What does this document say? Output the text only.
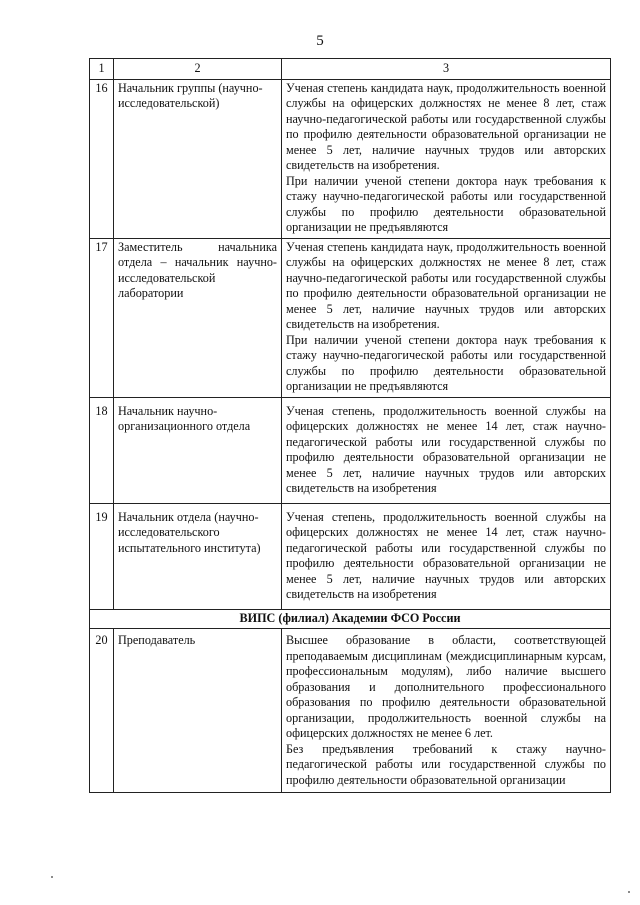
5
1	2	3
16	Начальник группы (научно-исследовательской)	Ученая степень кандидата наук, продолжительность военной службы на офицерских должностях не менее 8 лет, стаж научно-педагогической работы или государственной службы по профилю деятельности образовательной организации не менее 5 лет, наличие научных трудов или авторских свидетельств на изобретения.
При наличии ученой степени доктора наук требования к стажу научно-педагогической работы или государственной службы по профилю деятельности образовательной организации не предъявляются

17	Заместитель начальника отдела – начальник научно-исследовательской лаборатории	Ученая степень кандидата наук, продолжительность военной службы на офицерских должностях не менее 8 лет, стаж научно-педагогической работы или государственной службы по профилю деятельности образовательной организации не менее 5 лет, наличие научных трудов или авторских свидетельств на изобретения.
При наличии ученой степени доктора наук требования к стажу научно-педагогической работы или государственной службы по профилю деятельности образовательной организации не предъявляются

18	Начальник научно-организационного отдела	Ученая степень, продолжительность военной службы на офицерских должностях не менее 14 лет, стаж научно-педагогической работы или государственной службы по профилю деятельности образовательной организации не менее 5 лет, наличие научных трудов или авторских свидетельств на изобретения

19	Начальник отдела (научно-исследовательского испытательного института)	Ученая степень, продолжительность военной службы на офицерских должностях не менее 14 лет, стаж научно-педагогической работы или государственной службы по профилю деятельности образовательной организации не менее 5 лет, наличие научных трудов или авторских свидетельств на изобретения

ВИПС (филиал) Академии ФСО России		
20	Преподаватель	Высшее образование в области, соответствующей преподаваемым дисциплинам (междисциплинарным курсам, профессиональным модулям), либо наличие высшего образования и дополнительного профессионального образования по профилю деятельности образовательной организации, продолжительность военной службы на офицерских должностях не менее 6 лет.
Без предъявления требований к стажу научно-педагогической работы или государственной службы по профилю деятельности образовательной организации
